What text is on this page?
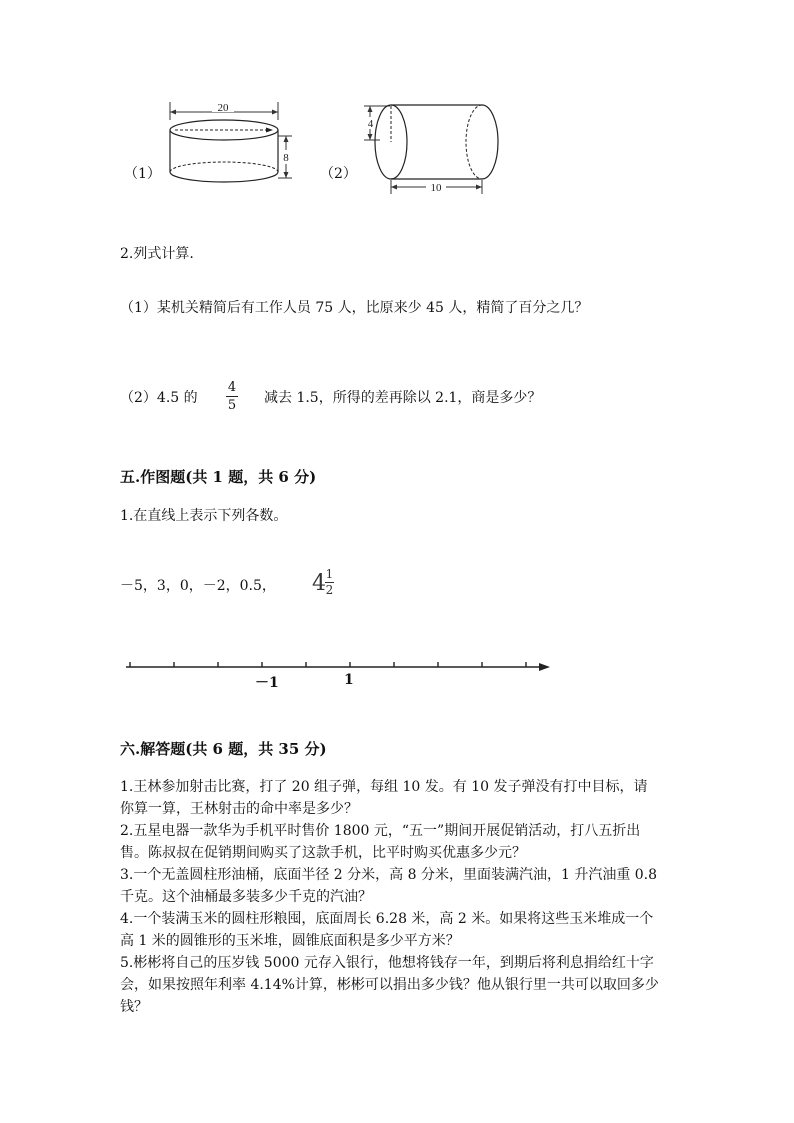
（1）
20
8
（2）
4
10
2.列式计算.
（1）某机关精简后有工作人员 75 人，比原来少 45 人，精简了百分之几？
（2）4.5 的
4
5 减去 1.5，所得的差再除以 2.1，商是多少？
五.作图题(共 1 题，共 6 分)
1.在直线上表示下列各数。
－5，3，0，－2，0.5， 4 1
2
－1	1
六.解答题(共 6 题，共 35 分)
1.王林参加射击比赛，打了 20 组子弹，每组 10 发。有 10 发子弹没有打中目标，请你算一算，王林射击的命中率是多少？
2.五星电器一款华为手机平时售价 1800 元，“五一”期间开展促销活动，打八五折出售。陈叔叔在促销期间购买了这款手机，比平时购买优惠多少元？
3.一个无盖圆柱形油桶，底面半径 2 分米，高 8 分米，里面装满汽油，1 升汽油重 0.8 千克。这个油桶最多装多少千克的汽油？
4.一个装满玉米的圆柱形粮囤，底面周长 6.28 米，高 2 米。如果将这些玉米堆成一个高 1 米的圆锥形的玉米堆，圆锥底面积是多少平方米？
5.彬彬将自己的压岁钱 5000 元存入银行，他想将钱存一年，到期后将利息捐给红十字会，如果按照年利率 4.14%计算，彬彬可以捐出多少钱？他从银行里一共可以取回多少钱？
